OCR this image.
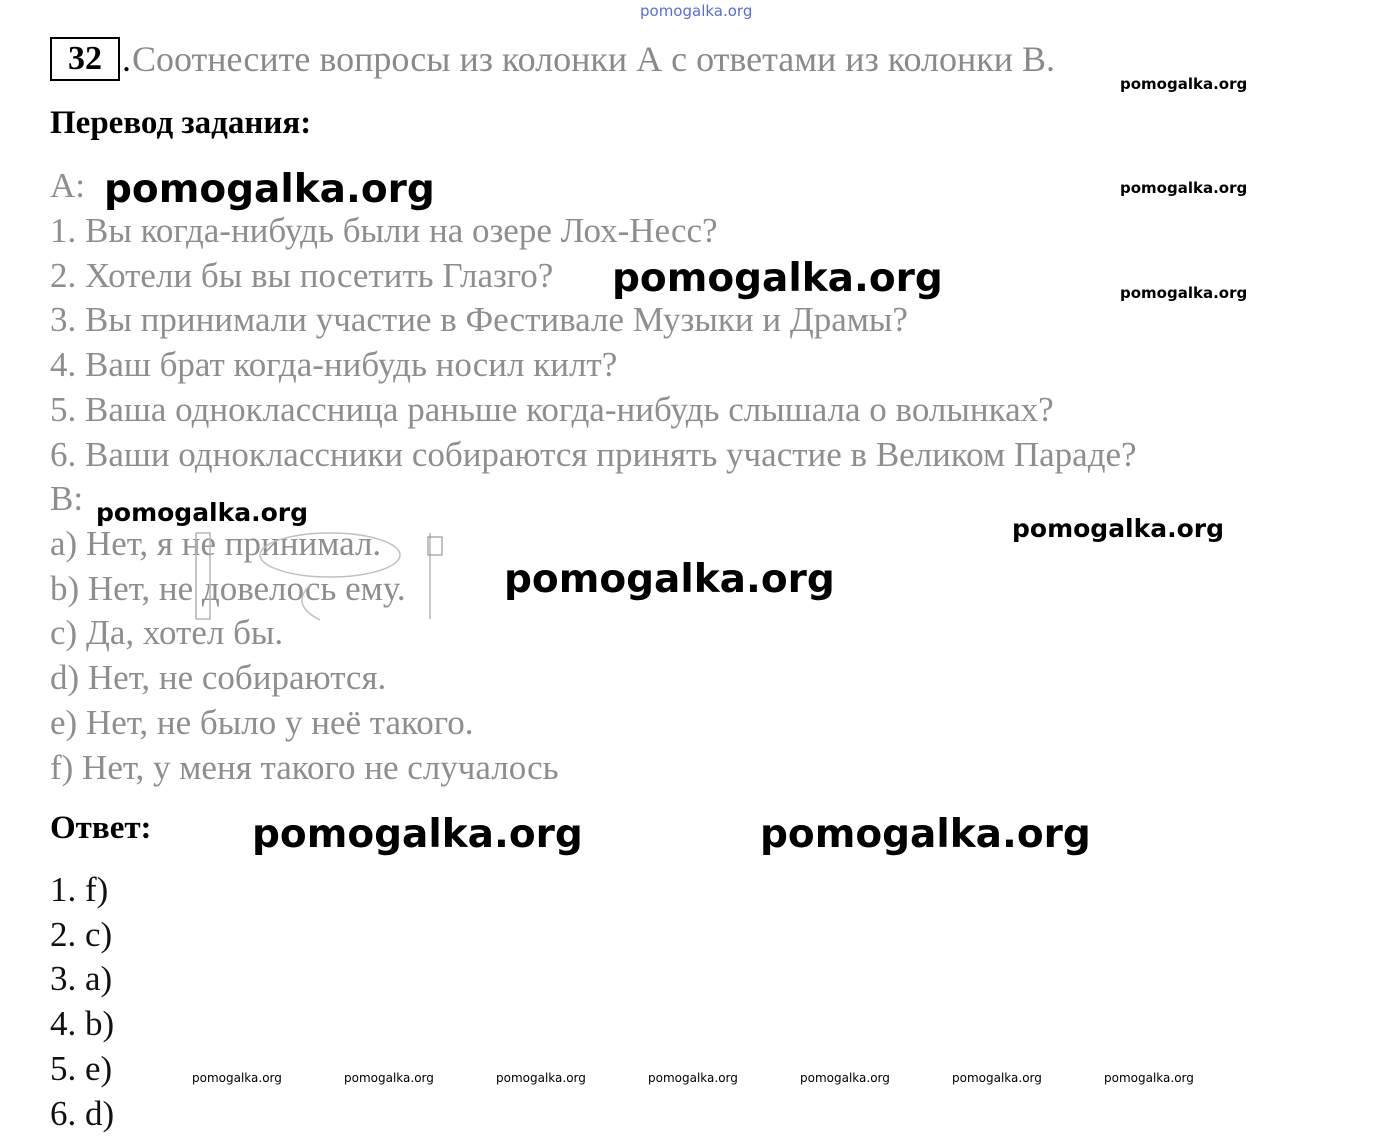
pomogalka.org
32 . Соотнесите вопросы из колонки А с ответами из колонки В.
Перевод задания:
А:
1. Вы когда-нибудь были на озере Лох-Несс?
2. Хотели бы вы посетить Глазго?
3. Вы принимали участие в Фестивале Музыки и Драмы?
4. Ваш брат когда-нибудь носил килт?
5. Ваша одноклассница раньше когда-нибудь слышала о волынках?
6. Ваши одноклассники собираются принять участие в Великом Параде?
В:
a) Нет, я не принимал.
b) Нет, не довелось ему.
c) Да, хотел бы.
d) Нет, не собираются.
e) Нет, не было у неё такого.
f) Нет, у меня такого не случалось
Ответ:
1. f)
2. c)
3. a)
4. b)
5. e)
6. d)
pomogalka.org
pomogalka.org
pomogalka.org
pomogalka.org	pomogalka.org
pomogalka.org
pomogalka.org
pomogalka.org
pomogalka.org
pomogalka.org
pomogalka.org	pomogalka.org	pomogalka.org	pomogalka.org	pomogalka.org	pomogalka.org	pomogalka.org
